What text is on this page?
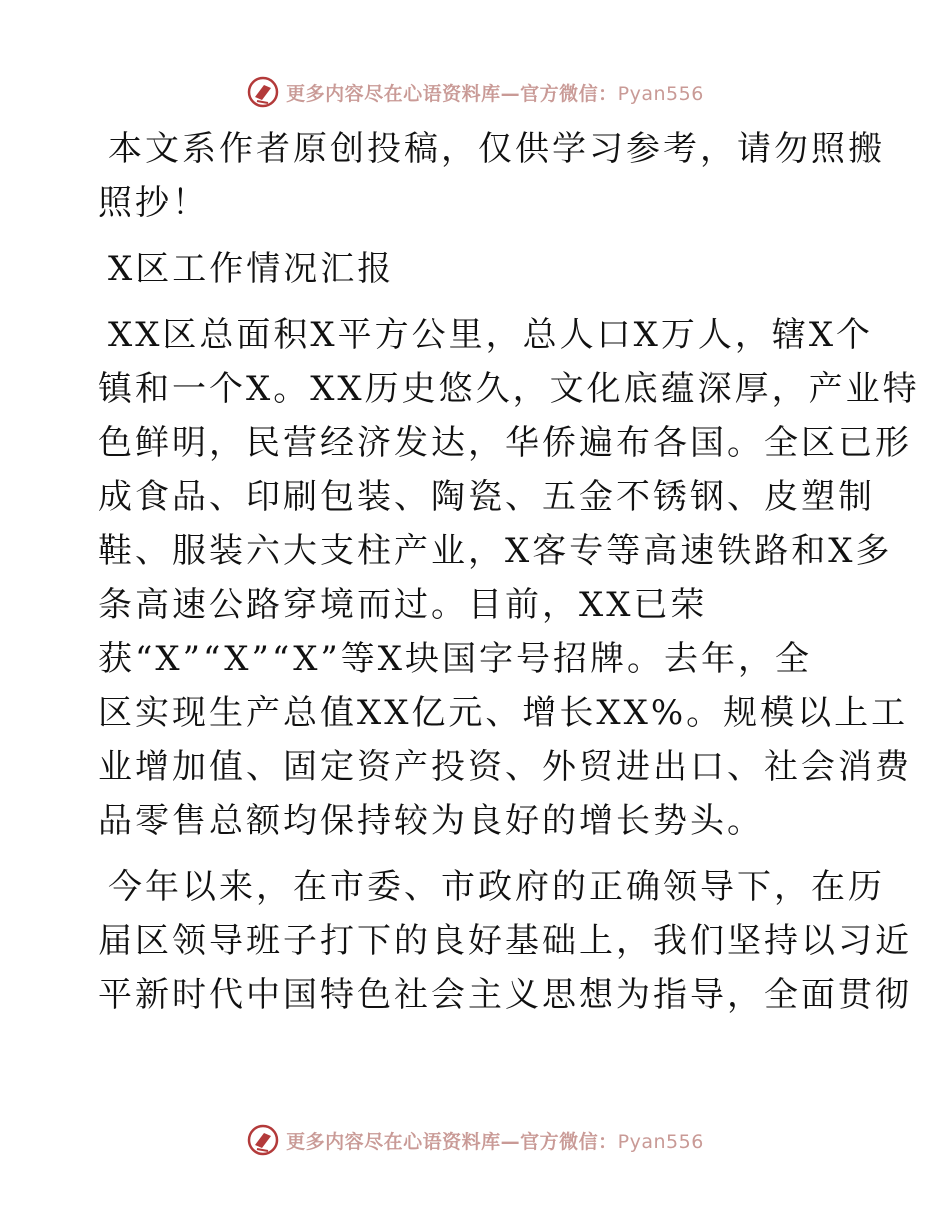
更多内容尽在心语资料库—官方微信：Pyan556
本文系作者原创投稿，仅供学习参考，请勿照搬
照抄！
X区工作情况汇报
XX区总面积X平方公里，总人口X万人，辖X个
镇和一个X。XX历史悠久，文化底蕴深厚，产业特
色鲜明，民营经济发达，华侨遍布各国。全区已形
成食品、印刷包装、陶瓷、五金不锈钢、皮塑制
鞋、服装六大支柱产业，X客专等高速铁路和X多
条高速公路穿境而过。目前，XX已荣
获“X”“X”“X”等X块国字号招牌。去年，全
区实现生产总值XX亿元、增长XX%。规模以上工
业增加值、固定资产投资、外贸进出口、社会消费
品零售总额均保持较为良好的增长势头。
今年以来，在市委、市政府的正确领导下，在历
届区领导班子打下的良好基础上，我们坚持以习近
平新时代中国特色社会主义思想为指导，全面贯彻
更多内容尽在心语资料库—官方微信：Pyan556
